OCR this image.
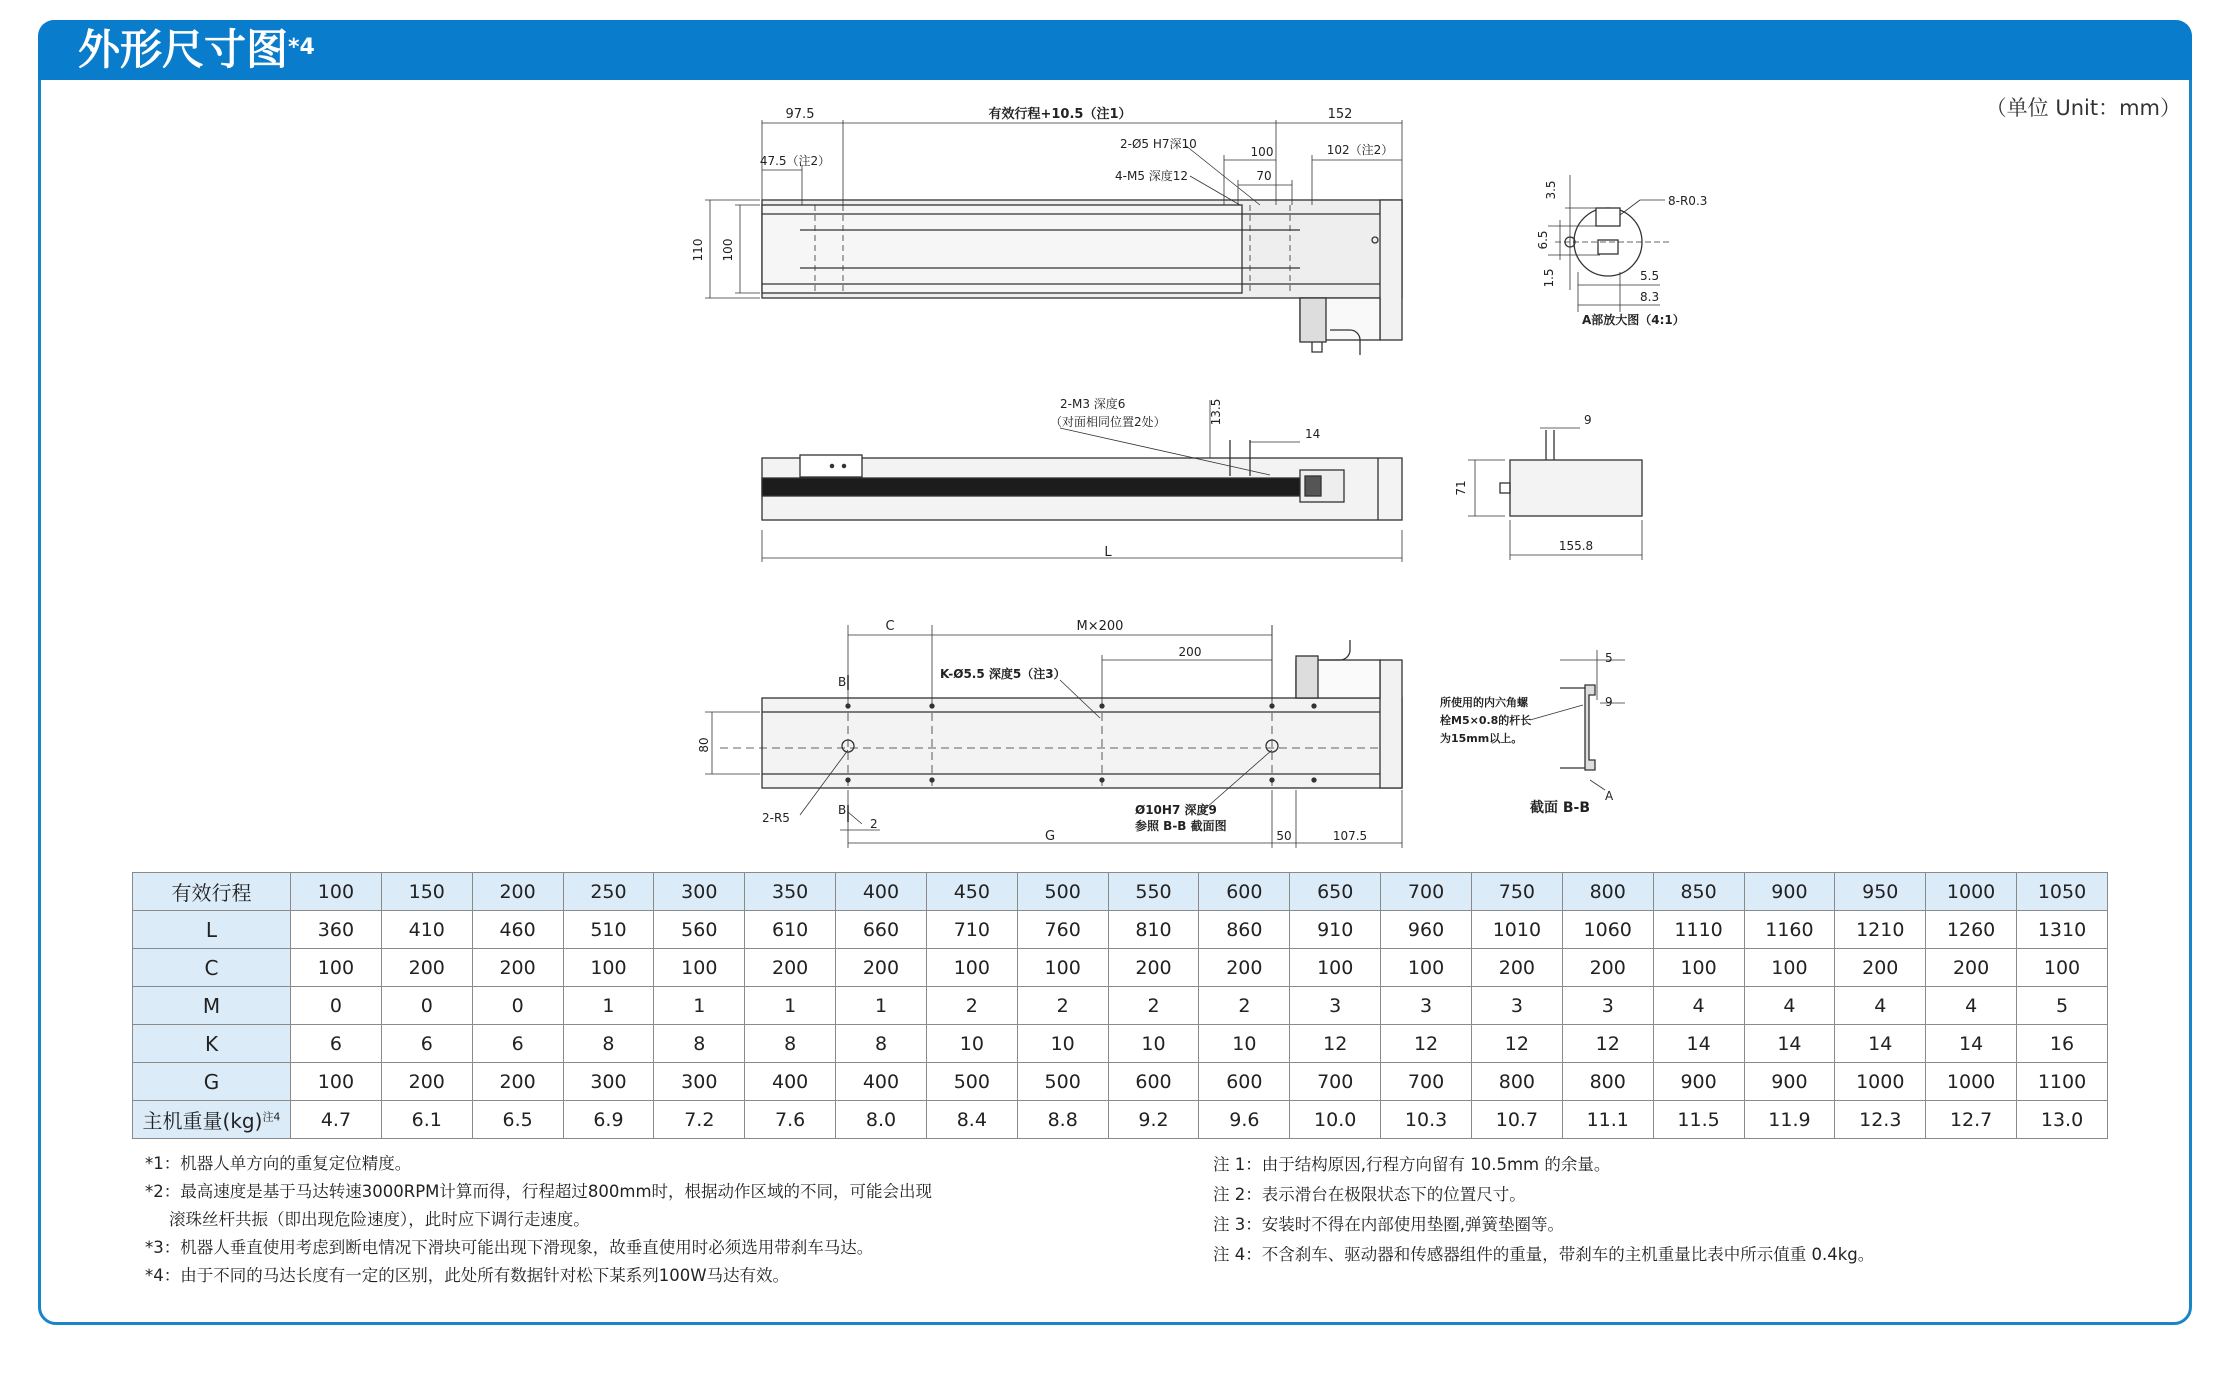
外形尺寸图$^{*4}$
（单位 Unit：mm）
97.5	有效行程+10.5（注1）	152
2-Ø5 H7深10
4-M5 深度12
100	102（注2）
70
47.5（注2）
110 100
3.5
8-R0.3
6.5
1.5	5.5
8.3
A部放大图（4:1）
2-M3 深度6
（对面相同位置2处）	13.5
14
L
9
71
155.8
C	M×200
K-Ø5.5 深度5（注3）
200
80
B
B
2-R5	2
Ø10H7 深度9
参照 B-B 截面图
G	50	107.5
5
9
所使用的内六角螺
栓M5×0.8的杆长
为15mm以上。
A
截面 B-B
有效行程	100	150	200	250	300	350	400	450	500	550	600	650	700	750	800	850	900	950	1000	1050
L	360	410	460	510	560	610	660	710	760	810	860	910	960	1010	1060	1110	1160	1210	1260	1310
C	100	200	200	100	100	200	200	100	100	200	200	100	100	200	200	100	100	200	200	100
M	0	0	0	1	1	1	1	2	2	2	2	3	3	3	3	4	4	4	4	5
K	6	6	6	8	8	8	8	10	10	10	10	12	12	12	12	14	14	14	14	16
G	100	200	200	300	300	400	400	500	500	600	600	700	700	800	800	900	900	1000	1000	1100
主机重量(kg)$^{注4}$	4.7	6.1	6.5	6.9	7.2	7.6	8.0	8.4	8.8	9.2	9.6	10.0	10.3	10.7	11.1	11.5	11.9	12.3	12.7	13.0
*1：机器人单方向的重复定位精度。
*2：最高速度是基于马达转速3000RPM计算而得，行程超过800mm时，根据动作区域的不同，可能会出现
滚珠丝杆共振（即出现危险速度），此时应下调行走速度。
*3：机器人垂直使用考虑到断电情况下滑块可能出现下滑现象，故垂直使用时必须选用带刹车马达。
*4：由于不同的马达长度有一定的区别，此处所有数据针对松下某系列100W马达有效。
注 1：由于结构原因,行程方向留有 10.5mm 的余量。
注 2：表示滑台在极限状态下的位置尺寸。
注 3：安装时不得在内部使用垫圈,弹簧垫圈等。
注 4：不含刹车、驱动器和传感器组件的重量，带刹车的主机重量比表中所示值重 0.4kg。
